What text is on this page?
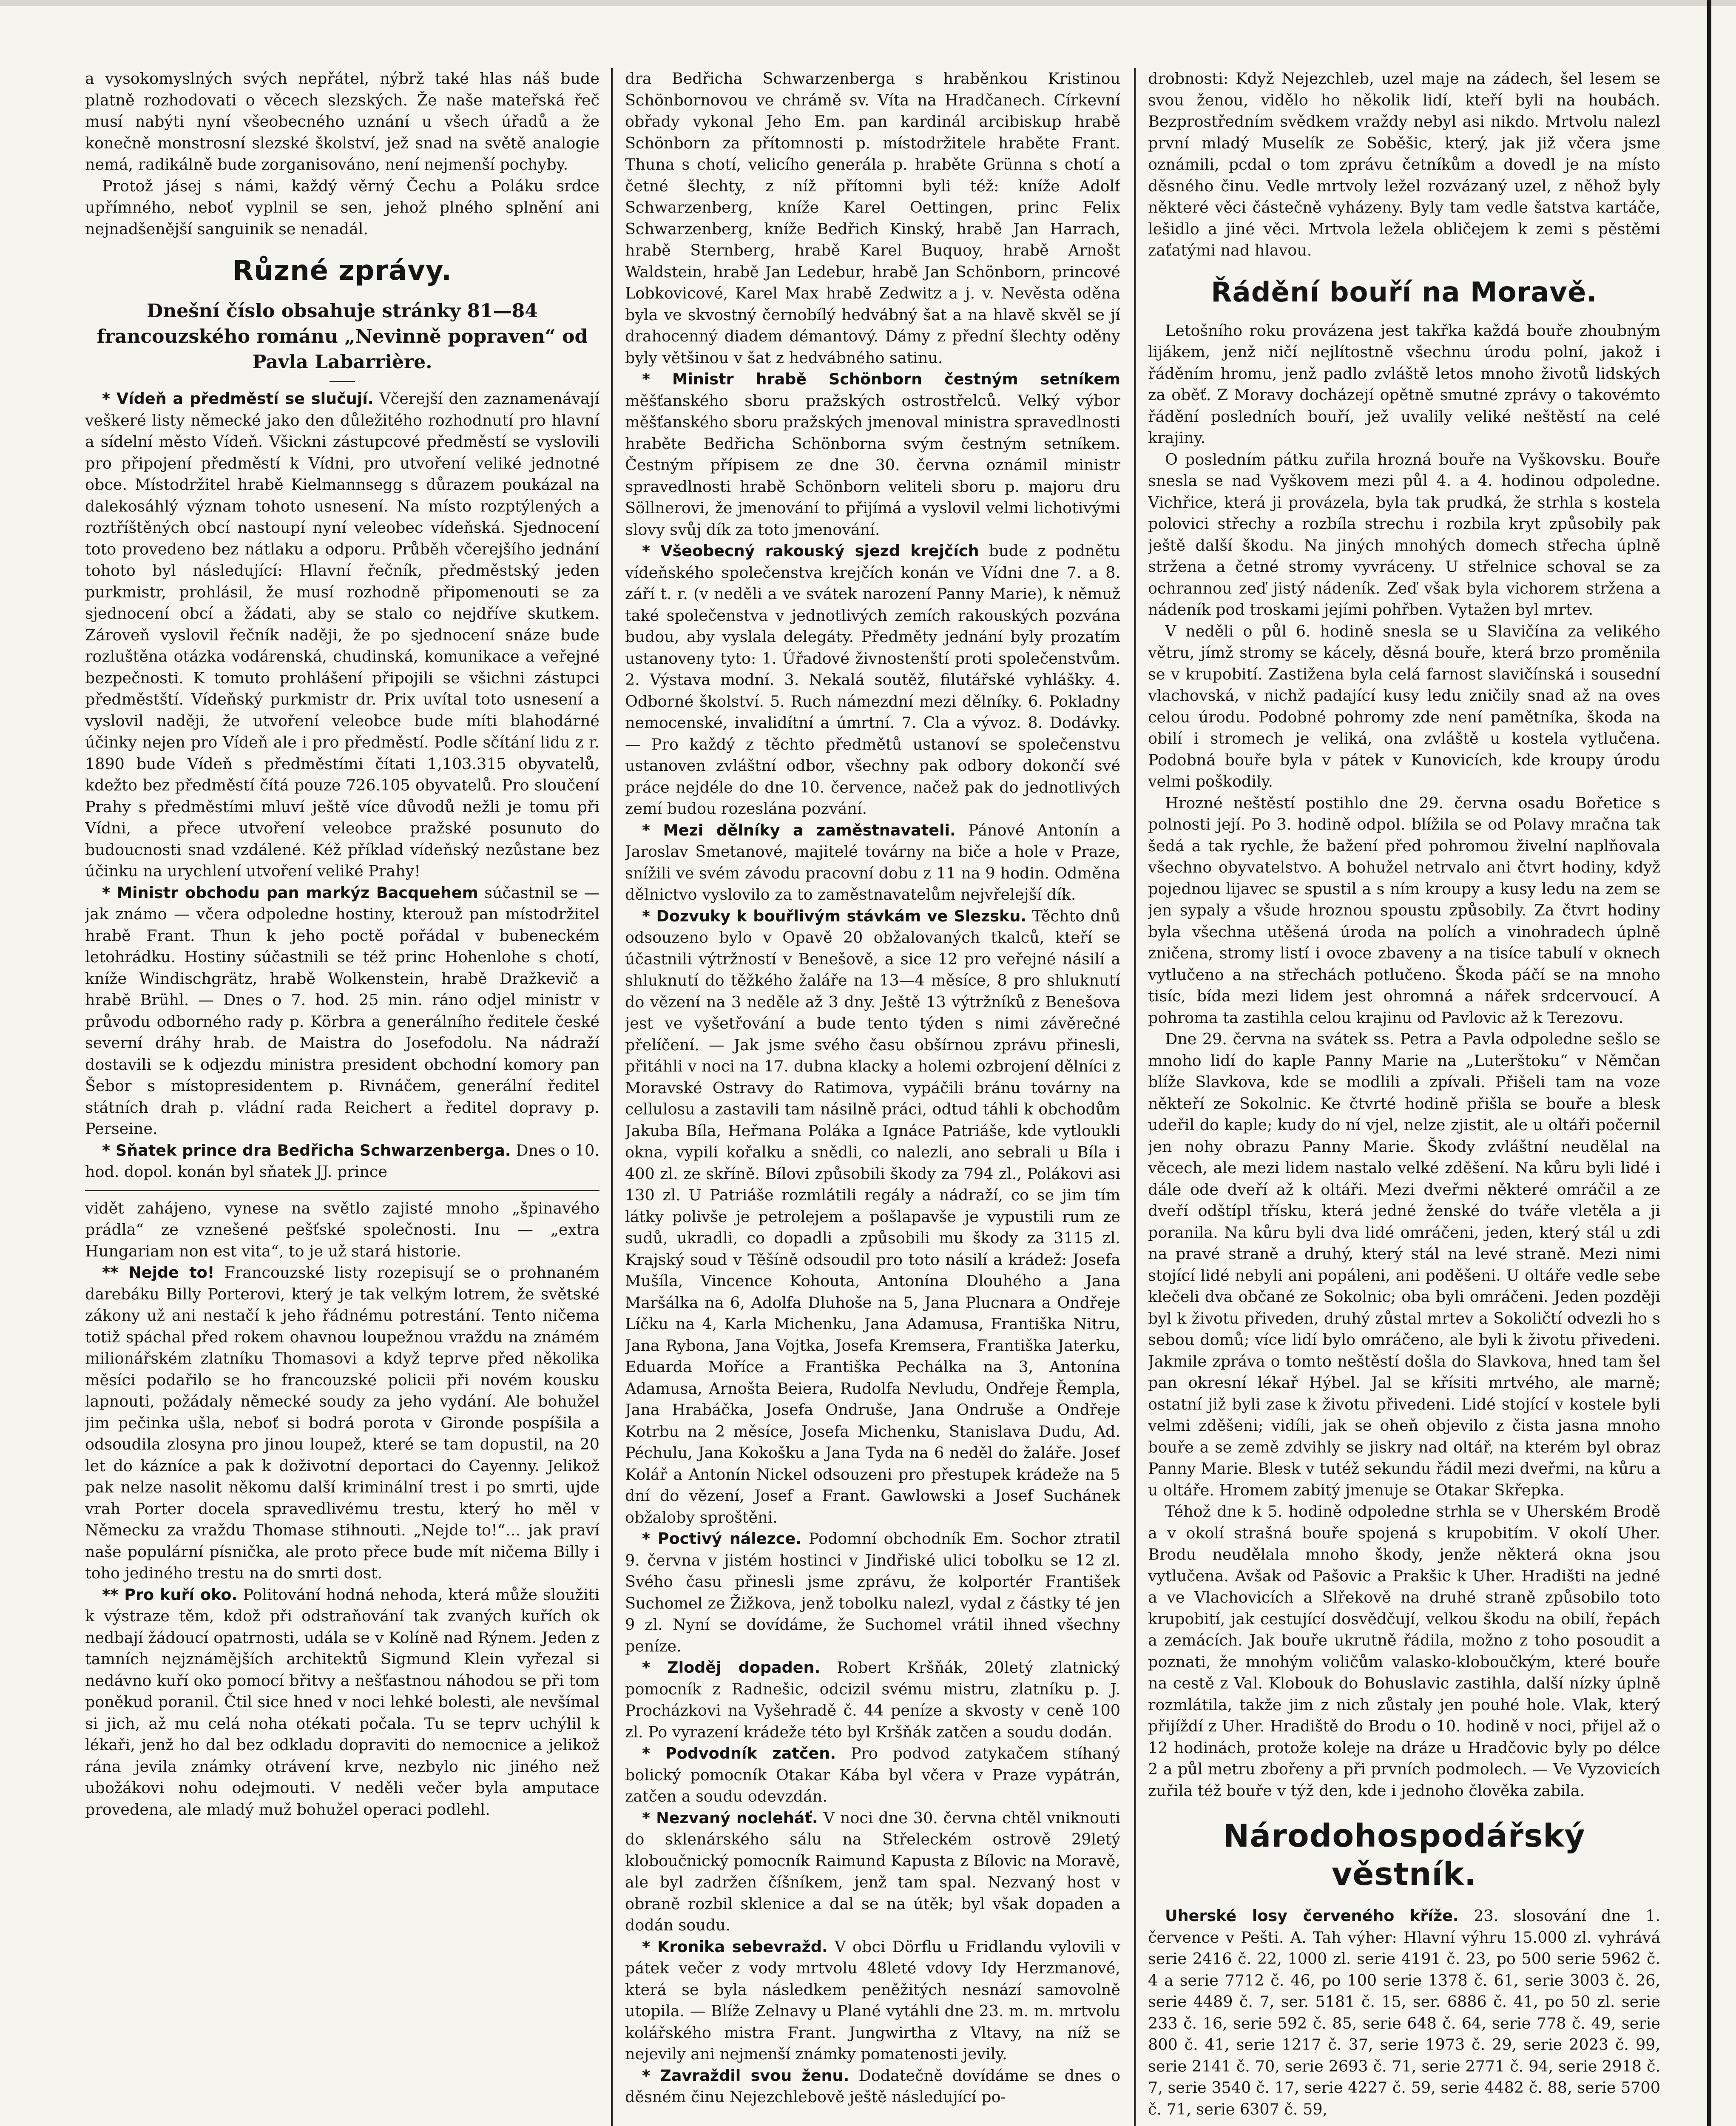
a vysokomyslných svých nepřátel, nýbrž také hlas náš bude platně rozhodovati o věcech slezských. Že naše mateřská řeč musí nabýti nyní všeobecného uznání u všech úřadů a že konečně monstrosní slezské školství, jež snad na světě analogie nemá, radikálně bude zorganisováno, není nejmenší pochyby.

Protož jásej s námi, každý věrný Čechu a Poláku srdce upřímného, neboť vyplnil se sen, jehož plného splnění ani nejnadšenější sanguinik se nenadál.

Různé zprávy.

Dnešní číslo obsahuje stránky 81—84 francouzského románu „Nevinně popraven“ od Pavla Labarrière.

* Vídeň a předměstí se slučují. Včerejší den zaznamenávají veškeré listy německé jako den důležitého rozhodnutí pro hlavní a sídelní město Vídeň. Všickni zástupcové předměstí se vyslovili pro připojení předměstí k Vídni, pro utvoření veliké jednotné obce. Místodržitel hrabě Kielmannsegg s důrazem poukázal na dalekosáhlý význam tohoto usnesení. Na místo rozptýlených a roztříštěných obcí nastoupí nyní veleobec vídeňská. Sjednocení toto provedeno bez nátlaku a odporu. Průběh včerejšího jednání tohoto byl následující: Hlavní řečník, předměstský jeden purkmistr, prohlásil, že musí rozhodně připomenouti se za sjednocení obcí a žádati, aby se stalo co nejdříve skutkem. Zároveň vyslovil řečník naději, že po sjednocení snáze bude rozluštěna otázka vodárenská, chudinská, komunikace a veřejné bezpečnosti. K tomuto prohlášení připojili se všichni zástupci předměstští. Vídeňský purkmistr dr. Prix uvítal toto usnesení a vyslovil naději, že utvoření veleobce bude míti blahodárné účinky nejen pro Vídeň ale i pro předměstí. Podle sčítání lidu z r. 1890 bude Vídeň s předměstími čítati 1,103.315 obyvatelů, kdežto bez předměstí čítá pouze 726.105 obyvatelů. Pro sloučení Prahy s předměstími mluví ještě více důvodů nežli je tomu při Vídni, a přece utvoření veleobce pražské posunuto do budoucnosti snad vzdálené. Kéž příklad vídeňský nezůstane bez účinku na urychlení utvoření veliké Prahy!

* Ministr obchodu pan markýz Bacquehem súčastnil se — jak známo — včera odpoledne hostiny, kterouž pan místodržitel hrabě Frant. Thun k jeho poctě pořádal v bubeneckém letohrádku. Hostiny súčastnili se též princ Hohenlohe s chotí, kníže Windischgrätz, hrabě Wolkenstein, hrabě Dražkevič a hrabě Brühl. — Dnes o 7. hod. 25 min. ráno odjel ministr v průvodu odborného rady p. Körbra a generálního ředitele české severní dráhy hrab. de Maistra do Josefodolu. Na nádraží dostavili se k odjezdu ministra president obchodní komory pan Šebor s místopresidentem p. Rivnáčem, generální ředitel státních drah p. vládní rada Reichert a ředitel dopravy p. Perseine.

* Sňatek prince dra Bedřicha Schwarzenberga. Dnes o 10. hod. dopol. konán byl sňatek JJ. prince

vidět zahájeno, vynese na světlo zajisté mnoho „špinavého prádla“ ze vznešené pešťské společnosti. Inu — „extra Hungariam non est vita“, to je už stará historie.

** Nejde to! Francouzské listy rozepisují se o prohnaném darebáku Billy Porterovi, který je tak velkým lotrem, že světské zákony už ani nestačí k jeho řádnému potrestání. Tento ničema totiž spáchal před rokem ohavnou loupežnou vraždu na známém milionářském zlatníku Thomasovi a když teprve před několika měsíci podařilo se ho francouzské policii při novém kousku lapnouti, požádaly německé soudy za jeho vydání. Ale bohužel jim pečinka ušla, neboť si bodrá porota v Gironde pospíšila a odsoudila zlosyna pro jinou loupež, které se tam dopustil, na 20 let do kázníce a pak k doživotní deportaci do Cayenny. Jelikož pak nelze nasolit někomu další kriminální trest i po smrti, ujde vrah Porter docela spravedlivému trestu, který ho měl v Německu za vraždu Thomase stihnouti. „Nejde to!“… jak praví naše populární písnička, ale proto přece bude mít ničema Billy i toho jediného trestu na do smrti dost.

** Pro kuří oko. Politování hodná nehoda, která může sloužiti k výstraze těm, kdož při odstraňování tak zvaných kuřích ok nedbají žádoucí opatrnosti, udála se v Kolíně nad Rýnem. Jeden z tamních nejznámějších architektů Sigmund Klein vyřezal si nedávno kuří oko pomocí břitvy a nešťastnou náhodou se při tom poněkud poranil. Čtil sice hned v noci lehké bolesti, ale nevšímal si jich, až mu celá noha otékati počala. Tu se teprv uchýlil k lékaři, jenž ho dal bez odkladu dopraviti do nemocnice a jelikož rána jevila známky otrávení krve, nezbylo nic jiného než ubožákovi nohu odejmouti. V neděli večer byla amputace provedena, ale mladý muž bohužel operaci podlehl.

dra Bedřicha Schwarzenberga s hraběnkou Kristinou Schönbornovou ve chrámě sv. Víta na Hradčanech. Církevní obřady vykonal Jeho Em. pan kardinál arcibiskup hrabě Schönborn za přítomnosti p. místodržitele hraběte Frant. Thuna s chotí, velicího generála p. hraběte Grünna s chotí a četné šlechty, z níž přítomni byli též: kníže Adolf Schwarzenberg, kníže Karel Oettingen, princ Felix Schwarzenberg, kníže Bedřich Kinský, hrabě Jan Harrach, hrabě Sternberg, hrabě Karel Buquoy, hrabě Arnošt Waldstein, hrabě Jan Ledebur, hrabě Jan Schönborn, princové Lobkovicové, Karel Max hrabě Zedwitz a j. v. Nevěsta oděna byla ve skvostný černobílý hedvábný šat a na hlavě skvěl se jí drahocenný diadem démantový. Dámy z přední šlechty oděny byly většinou v šat z hedvábného satinu.

* Ministr hrabě Schönborn čestným setníkem měšťanského sboru pražských ostrostřelců. Velký výbor měšťanského sboru pražských jmenoval ministra spravedlnosti hraběte Bedřicha Schönborna svým čestným setníkem. Čestným přípisem ze dne 30. června oznámil ministr spravedlnosti hrabě Schönborn veliteli sboru p. majoru dru Söllnerovi, že jmenování to přijímá a vyslovil velmi lichotivými slovy svůj dík za toto jmenování.

* Všeobecný rakouský sjezd krejčích bude z podnětu vídeňského společenstva krejčích konán ve Vídni dne 7. a 8. září t. r. (v neděli a ve svátek narození Panny Marie), k němuž také společenstva v jednotlivých zemích rakouských pozvána budou, aby vyslala delegáty. Předměty jednání byly prozatím ustanoveny tyto: 1. Úřadové živnostenští proti společenstvům. 2. Výstava modní. 3. Nekalá soutěž, filutářské vyhlášky. 4. Odborné školství. 5. Ruch námezdní mezi dělníky. 6. Pokladny nemocenské, invalidítní a úmrtní. 7. Cla a vývoz. 8. Dodávky. — Pro každý z těchto předmětů ustanoví se společenstvu ustanoven zvláštní odbor, všechny pak odbory dokončí své práce nejdéle do dne 10. července, načež pak do jednotlivých zemí budou rozeslána pozvání.

* Mezi dělníky a zaměstnavateli. Pánové Antonín a Jaroslav Smetanové, majitelé továrny na biče a hole v Praze, snížili ve svém závodu pracovní dobu z 11 na 9 hodin. Odměna dělnictvo vyslovilo za to zaměstnavatelům nejvřelejší dík.

* Dozvuky k bouřlivým stávkám ve Slezsku. Těchto dnů odsouzeno bylo v Opavě 20 obžalovaných tkalců, kteří se účastnili výtržností v Benešově, a sice 12 pro veřejné násilí a shluknutí do těžkého žaláře na 13—4 měsíce, 8 pro shluknutí do vězení na 3 neděle až 3 dny. Ještě 13 výtržníků z Benešova jest ve vyšetřování a bude tento týden s nimi závěrečné přelíčení. — Jak jsme svého času obšírnou zprávu přinesli, přitáhli v noci na 17. dubna klacky a holemi ozbrojení dělníci z Moravské Ostravy do Ratimova, vypáčili bránu továrny na cellulosu a zastavili tam násilně práci, odtud táhli k obchodům Jakuba Bíla, Heřmana Poláka a Ignáce Patriáše, kde vytloukli okna, vypili kořalku a snědli, co nalezli, ano sebrali u Bíla i 400 zl. ze skříně. Bílovi způsobili škody za 794 zl., Polákovi asi 130 zl. U Patriáše rozmlátili regály a nádraží, co se jim tím látky polivše je petrolejem a pošlapavše je vypustili rum ze sudů, ukradli, co dopadli a způsobili mu škody za 3115 zl. Krajský soud v Těšíně odsoudil pro toto násilí a krádež: Josefa Mušíla, Vincence Kohouta, Antonína Dlouhého a Jana Maršálka na 6, Adolfa Dluhoše na 5, Jana Plucnara a Ondřeje Líčku na 4, Karla Michenku, Jana Adamusa, Františka Nitru, Jana Rybona, Jana Vojtka, Josefa Kremsera, Františka Jaterku, Eduarda Moříce a Františka Pechálka na 3, Antonína Adamusa, Arnošta Beiera, Rudolfa Nevludu, Ondřeje Řempla, Jana Hrabáčka, Josefa Ondruše, Jana Ondruše a Ondřeje Kotrbu na 2 měsíce, Josefa Michenku, Stanislava Dudu, Ad. Péchulu, Jana Kokošku a Jana Tyda na 6 neděl do žaláře. Josef Kolář a Antonín Nickel odsouzeni pro přestupek krádeže na 5 dní do vězení, Josef a Frant. Gawlowski a Josef Suchánek obžaloby sproštěni.

* Poctivý nálezce. Podomní obchodník Em. Sochor ztratil 9. června v jistém hostinci v Jindřiské ulici tobolku se 12 zl. Svého času přinesli jsme zprávu, že kolportér František Suchomel ze Žižkova, jenž tobolku nalezl, vydal z částky té jen 9 zl. Nyní se dovídáme, že Suchomel vrátil ihned všechny peníze.

* Zloděj dopaden. Robert Kršňák, 20letý zlatnický pomocník z Radnešic, odcizil svému mistru, zlatníku p. J. Procházkovi na Vyšehradě č. 44 peníze a skvosty v ceně 100 zl. Po vyrazení krádeže této byl Kršňák zatčen a soudu dodán.

* Podvodník zatčen. Pro podvod zatykačem stíhaný bolický pomocník Otakar Kába byl včera v Praze vypátrán, zatčen a soudu odevzdán.

* Nezvaný nocleháť. V noci dne 30. června chtěl vniknouti do sklenárského sálu na Střeleckém ostrově 29letý kloboučnický pomocník Raimund Kapusta z Bílovic na Moravě, ale byl zadržen číšníkem, jenž tam spal. Nezvaný host v obraně rozbil sklenice a dal se na útěk; byl však dopaden a dodán soudu.

* Kronika sebevražd. V obci Dörflu u Fridlandu vylovili v pátek večer z vody mrtvolu 48leté vdovy Idy Herzmanové, která se byla následkem peněžitých nesnází samovolně utopila. — Blíže Zelnavy u Plané vytáhli dne 23. m. m. mrtvolu kolářského mistra Frant. Jungwirtha z Vltavy, na níž se nejevily ani nejmenší známky pomatenosti jevily.

* Zavraždil svou ženu. Dodatečně dovídáme se dnes o děsném činu Nejezchlebově ještě následující po-

drobnosti: Když Nejezchleb, uzel maje na zádech, šel lesem se svou ženou, vidělo ho několik lidí, kteří byli na houbách. Bezprostředním svědkem vraždy nebyl asi nikdo. Mrtvolu nalezl první mladý Muselík ze Soběšic, který, jak již včera jsme oznámili, pcdal o tom zprávu četníkům a dovedl je na místo děsného činu. Vedle mrtvoly ležel rozvázaný uzel, z něhož byly některé věci částečně vyházeny. Byly tam vedle šatstva kartáče, lešidlo a jiné věci. Mrtvola ležela obličejem k zemi s pěstěmi zaťatými nad hlavou.

Řádění bouří na Moravě.

Letošního roku provázena jest takřka každá bouře zhoubným lijákem, jenž ničí nejlítostně všechnu úrodu polní, jakož i řáděním hromu, jenž padlo zvláště letos mnoho životů lidských za oběť. Z Moravy docházejí opětně smutné zprávy o takovémto řádění posledních bouří, jež uvalily veliké neštěstí na celé krajiny.

O posledním pátku zuřila hrozná bouře na Vyškovsku. Bouře snesla se nad Vyškovem mezi půl 4. a 4. hodinou odpoledne. Vichřice, která ji provázela, byla tak prudká, že strhla s kostela polovici střechy a rozbíla strechu i rozbila kryt způsobily pak ještě další škodu. Na jiných mnohých domech střecha úplně stržena a četné stromy vyvráceny. U střelnice schoval se za ochrannou zeď jistý nádeník. Zeď však byla vichorem stržena a nádeník pod troskami jejími pohřben. Vytažen byl mrtev.

V neděli o půl 6. hodině snesla se u Slavičína za velikého větru, jímž stromy se kácely, děsná bouře, která brzo proměnila se v krupobití. Zastižena byla celá farnost slavičínská i sousední vlachovská, v nichž padající kusy ledu zničily snad až na oves celou úrodu. Podobné pohromy zde není pamětníka, škoda na obilí i stromech je veliká, ona zvláště u kostela vytlučena. Podobná bouře byla v pátek v Kunovicích, kde kroupy úrodu velmi poškodily.

Hrozné neštěstí postihlo dne 29. června osadu Bořetice s polnosti její. Po 3. hodině odpol. blížila se od Polavy mračna tak šedá a tak rychle, že bažení před pohromou živelní naplňovala všechno obyvatelstvo. A bohužel netrvalo ani čtvrt hodiny, když pojednou lijavec se spustil a s ním kroupy a kusy ledu na zem se jen sypaly a všude hroznou spoustu způsobily. Za čtvrt hodiny byla všechna utěšená úroda na polích a vinohradech úplně zničena, stromy listí i ovoce zbaveny a na tisíce tabulí v oknech vytlučeno a na střechách potlučeno. Škoda páčí se na mnoho tisíc, bída mezi lidem jest ohromná a nářek srdcervoucí. A pohroma ta zastihla celou krajinu od Pavlovic až k Terezovu.

Dne 29. června na svátek ss. Petra a Pavla odpoledne sešlo se mnoho lidí do kaple Panny Marie na „Luterštoku“ v Němčan blíže Slavkova, kde se modlili a zpívali. Přišeli tam na voze někteří ze Sokolnic. Ke čtvrté hodině přišla se bouře a blesk udeřil do kaple; kudy do ní vjel, nelze zjistit, ale u oltáři počernil jen nohy obrazu Panny Marie. Škody zvláštní neudělal na věcech, ale mezi lidem nastalo velké zděšení. Na kůru byli lidé i dále ode dveří až k oltáři. Mezi dveřmi některé omráčil a ze dveří odštípl třísku, která jedné ženské do tváře vletěla a ji poranila. Na kůru byli dva lidé omráčeni, jeden, který stál u zdi na pravé straně a druhý, který stál na levé straně. Mezi nimi stojící lidé nebyli ani popáleni, ani poděšeni. U oltáře vedle sebe klečeli dva občané ze Sokolnic; oba byli omráčeni. Jeden později byl k životu přiveden, druhý zůstal mrtev a Sokoličtí odvezli ho s sebou domů; více lidí bylo omráčeno, ale byli k životu přivedeni. Jakmile zpráva o tomto neštěstí došla do Slavkova, hned tam šel pan okresní lékař Hýbel. Jal se křísiti mrtvého, ale marně; ostatní již byli zase k životu přivedeni. Lidé stojící v kostele byli velmi zděšeni; vidíli, jak se oheň objevilo z čista jasna mnoho bouře a se země zdvihly se jiskry nad oltář, na kterém byl obraz Panny Marie. Blesk v tutéž sekundu řádil mezi dveřmi, na kůru a u oltáře. Hromem zabitý jmenuje se Otakar Skřepka.

Téhož dne k 5. hodině odpoledne strhla se v Uherském Brodě a v okolí strašná bouře spojená s krupobitím. V okolí Uher. Brodu neudělala mnoho škody, jenže některá okna jsou vytlučena. Avšak od Pašovic a Prakšic k Uher. Hradišti na jedné a ve Vlachovicích a Slřekově na druhé straně způsobilo toto krupobití, jak cestující dosvědčují, velkou škodu na obilí, řepách a zemácích. Jak bouře ukrutně řádila, možno z toho posoudit a poznati, že mnohým voličům valasko-kloboučkým, které bouře na cestě z Val. Klobouk do Bohuslavic zastihla, další nízky úplně rozmlátila, takže jim z nich zůstaly jen pouhé hole. Vlak, který přijíždí z Uher. Hradiště do Brodu o 10. hodině v noci, přijel až o 12 hodinách, protože koleje na dráze u Hradčovic byly po délce 2 a půl metru zbořeny a při prvních podmolech. — Ve Vyzovicích zuřila též bouře v týž den, kde i jednoho člověka zabila.

Národohospodářský věstník.

Uherské losy červeného kříže. 23. slosování dne 1. července v Pešti. A. Tah výher: Hlavní výhru 15.000 zl. vyhrává serie 2416 č. 22, 1000 zl. serie 4191 č. 23, po 500 serie 5962 č. 4 a serie 7712 č. 46, po 100 serie 1378 č. 61, serie 3003 č. 26, serie 4489 č. 7, ser. 5181 č. 15, ser. 6886 č. 41, po 50 zl. serie 233 č. 16, serie 592 č. 85, serie 648 č. 64, serie 778 č. 49, serie 800 č. 41, serie 1217 č. 37, serie 1973 č. 29, serie 2023 č. 99, serie 2141 č. 70, serie 2693 č. 71, serie 2771 č. 94, serie 2918 č. 7, serie 3540 č. 17, serie 4227 č. 59, serie 4482 č. 88, serie 5700 č. 71, serie 6307 č. 59,
